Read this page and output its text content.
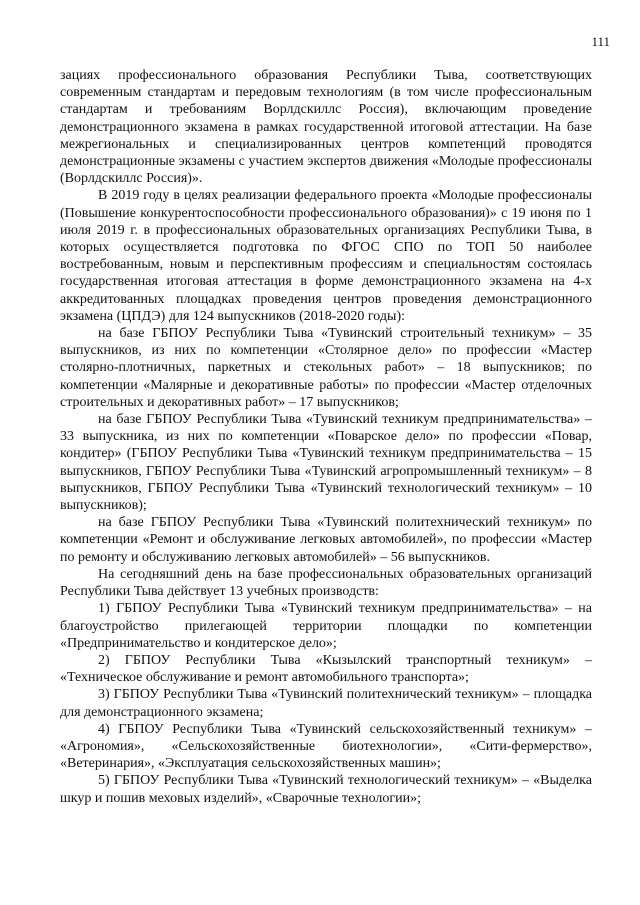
111

зациях профессионального образования Республики Тыва, соответствующих современным стандартам и передовым технологиям (в том числе профессиональным стандартам и требованиям Ворлдскиллс Россия), включающим проведение демонстрационного экзамена в рамках государственной итоговой аттестации. На базе межрегиональных и специализированных центров компетенций проводятся демонстрационные экзамены с участием экспертов движения «Молодые профессионалы (Ворлдскиллс Россия)».

В 2019 году в целях реализации федерального проекта «Молодые профессионалы (Повышение конкурентоспособности профессионального образования)» с 19 июня по 1 июля 2019 г. в профессиональных образовательных организациях Республики Тыва, в которых осуществляется подготовка по ФГОС СПО по ТОП 50 наиболее востребованным, новым и перспективным профессиям и специальностям состоялась государственная итоговая аттестация в форме демонстрационного экзамена на 4-х аккредитованных площадках проведения центров проведения демонстрационного экзамена (ЦПДЭ) для 124 выпускников (2018-2020 годы):

на базе ГБПОУ Республики Тыва «Тувинский строительный техникум» – 35 выпускников, из них по компетенции «Столярное дело» по профессии «Мастер столярно-плотничных, паркетных и стекольных работ» – 18 выпускников; по компетенции «Малярные и декоративные работы» по профессии «Мастер отделочных строительных и декоративных работ» – 17 выпускников;

на базе ГБПОУ Республики Тыва «Тувинский техникум предпринимательства» – 33 выпускника, из них по компетенции «Поварское дело» по профессии «Повар, кондитер» (ГБПОУ Республики Тыва «Тувинский техникум предпринимательства – 15 выпускников, ГБПОУ Республики Тыва «Тувинский агропромышленный техникум» – 8 выпускников, ГБПОУ Республики Тыва «Тувинский технологический техникум» – 10 выпускников);

на базе ГБПОУ Республики Тыва «Тувинский политехнический техникум» по компетенции «Ремонт и обслуживание легковых автомобилей», по профессии «Мастер по ремонту и обслуживанию легковых автомобилей» – 56 выпускников.

На сегодняшний день на базе профессиональных образовательных организаций Республики Тыва действует 13 учебных производств:

1) ГБПОУ Республики Тыва «Тувинский техникум предпринимательства» – на благоустройство прилегающей территории площадки по компетенции «Предпринимательство и кондитерское дело»;

2) ГБПОУ Республики Тыва «Кызылский транспортный техникум» – «Техническое обслуживание и ремонт автомобильного транспорта»;

3) ГБПОУ Республики Тыва «Тувинский политехнический техникум» – площадка для демонстрационного экзамена;

4) ГБПОУ Республики Тыва «Тувинский сельскохозяйственный техникум» – «Агрономия», «Сельскохозяйственные биотехнологии», «Сити-фермерство», «Ветеринария», «Эксплуатация сельскохозяйственных машин»;

5) ГБПОУ Республики Тыва «Тувинский технологический техникум» – «Выделка шкур и пошив меховых изделий», «Сварочные технологии»;
